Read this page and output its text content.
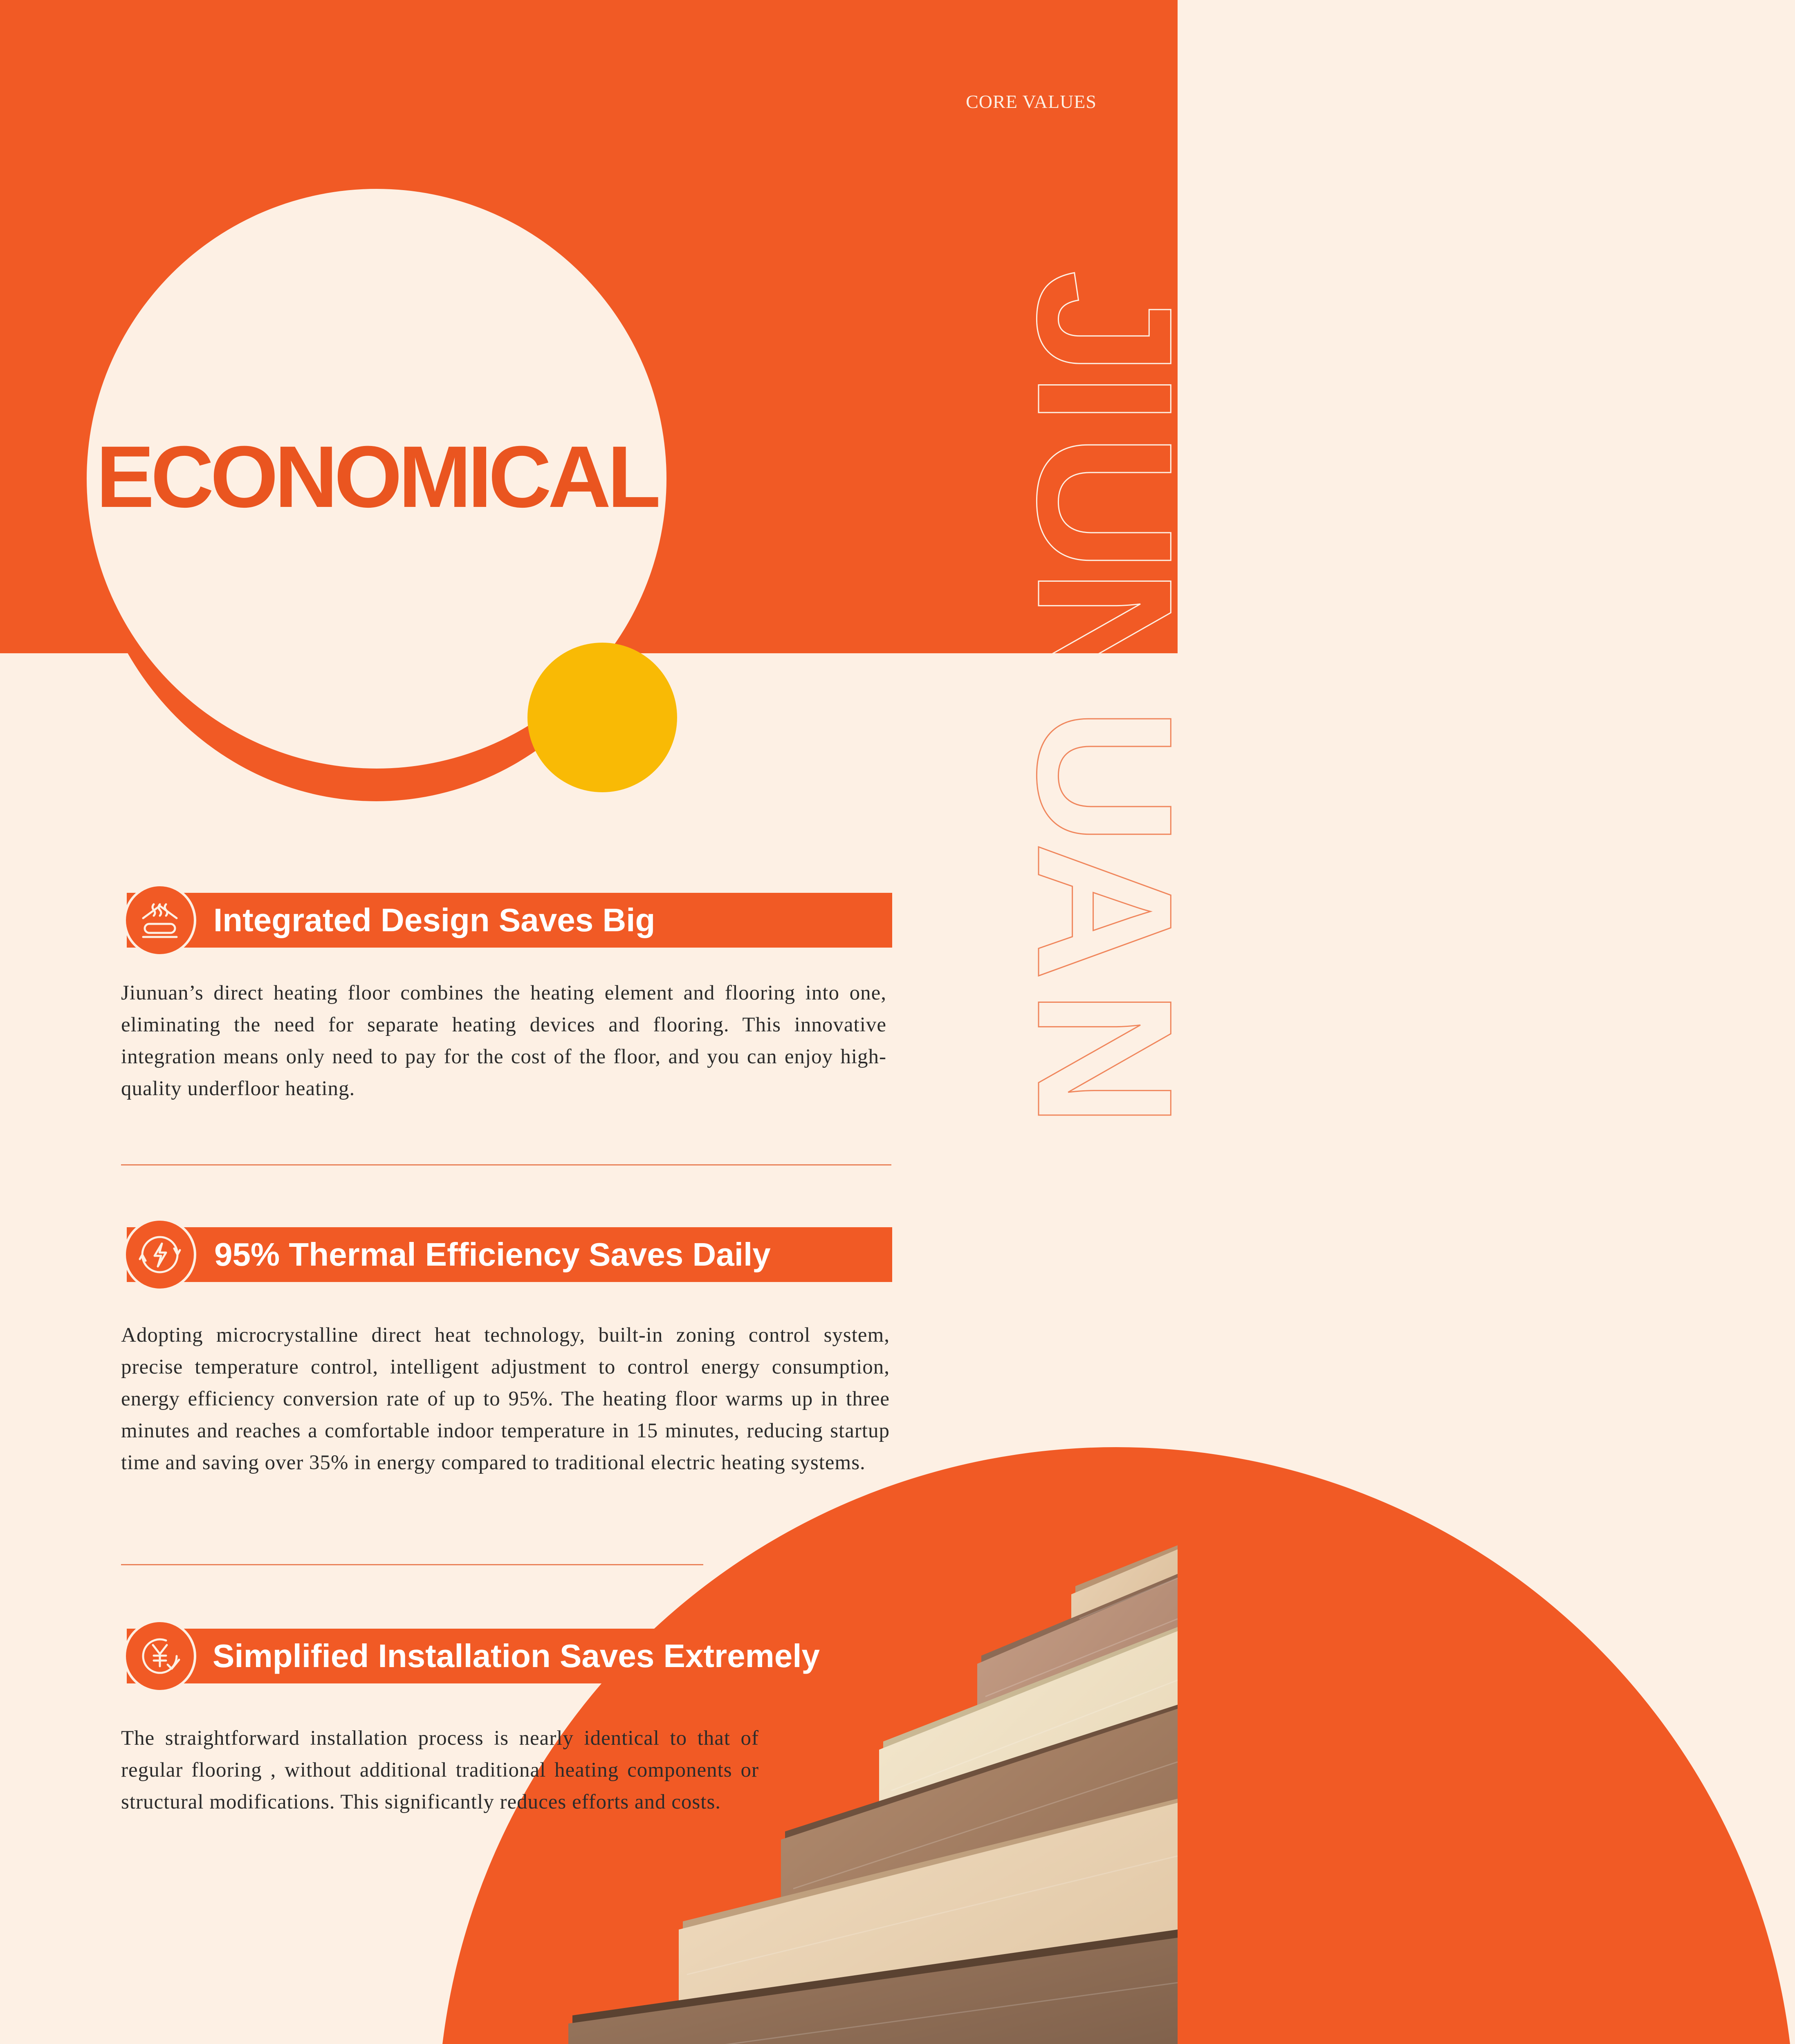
CORE VALUES
ECONOMICAL
J
I
U
N
U
A
N
Integrated Design Saves Big
Jiunuan’s direct heating floor combines the heating element and flooring into one, eliminating the need for separate heating devices and flooring. This innovative integration means only need to pay for the cost of the floor, and you can enjoy high-quality underfloor heating.
95% Thermal Efficiency Saves Daily
Adopting microcrystalline direct heat technology, built-in zoning control system, precise temperature control, intelligent adjustment to control energy consumption, energy efficiency conversion rate of up to 95%. The heating floor warms up in three minutes and reaches a comfortable indoor temperature in 15 minutes, reducing startup time and saving over 35% in energy compared to traditional electric heating systems.
Simplified Installation Saves Extremely
The straightforward installation process is nearly identical to that of regular flooring , without additional traditional heating components or structural modifications. This significantly reduces efforts and costs.
